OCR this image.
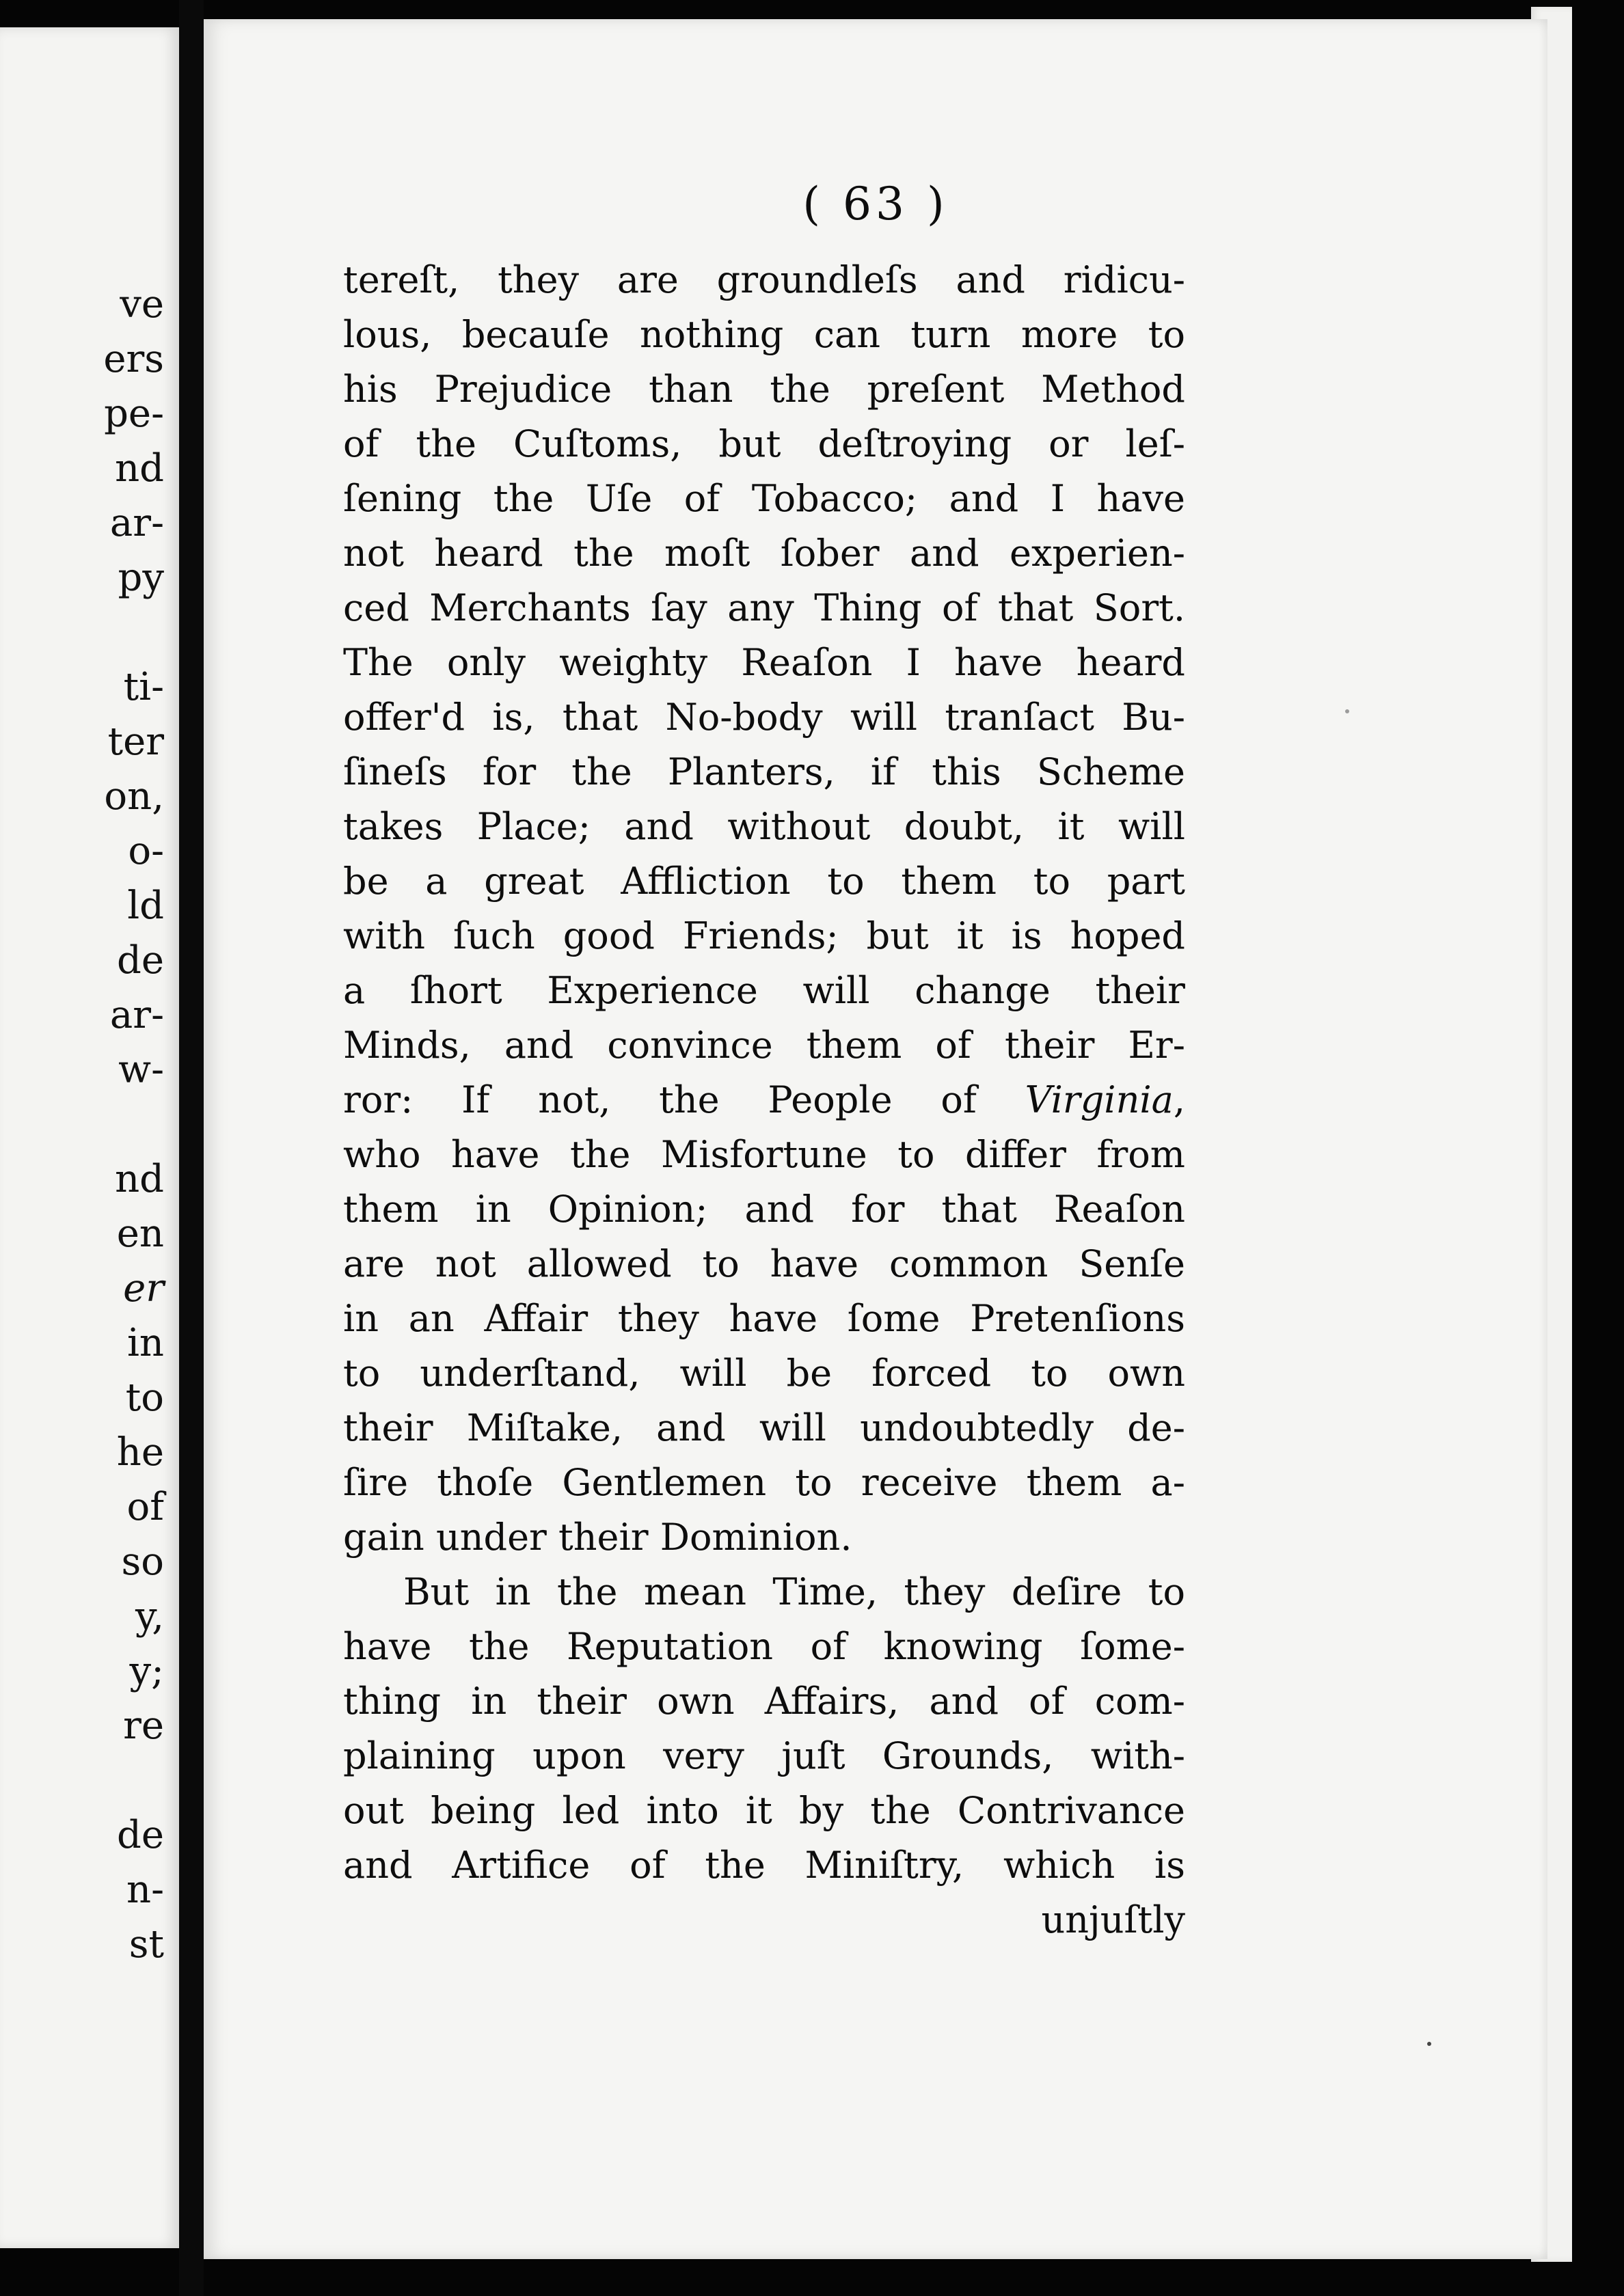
ve
ers
pe-
nd
ar-
py
ti-
ter
on,
o-
ld
de
ar-
w-
nd
en
er
in
to
he
of
so
y,
y;
re
de
n-
st
( 63 )
tereſt, they are groundleſs and ridicu-
lous, becauſe nothing can turn more to
his Prejudice than the preſent Method
of the Cuſtoms, but deſtroying or leſ-
ſening the Uſe of Tobacco; and I have
not heard the moſt ſober and experien-
ced Merchants ſay any Thing of that Sort.
The only weighty Reaſon I have heard
offer'd is, that No-body will tranſact Bu-
ſineſs for the Planters, if this Scheme
takes Place; and without doubt, it will
be a great Affliction to them to part
with ſuch good Friends; but it is hoped
a ſhort Experience will change their
Minds, and convince them of their Er-
ror: If not, the People of Virginia,
who have the Misfortune to differ from
them in Opinion; and for that Reaſon
are not allowed to have common Senſe
in an Affair they have ſome Pretenſions
to underſtand, will be forced to own
their Miſtake, and will undoubtedly de-
ſire thoſe Gentlemen to receive them a-
gain under their Dominion.
But in the mean Time, they deſire to
have the Reputation of knowing ſome-
thing in their own Affairs, and of com-
plaining upon very juſt Grounds, with-
out being led into it by the Contrivance
and Artifice of the Miniſtry, which is
unjuſtly
